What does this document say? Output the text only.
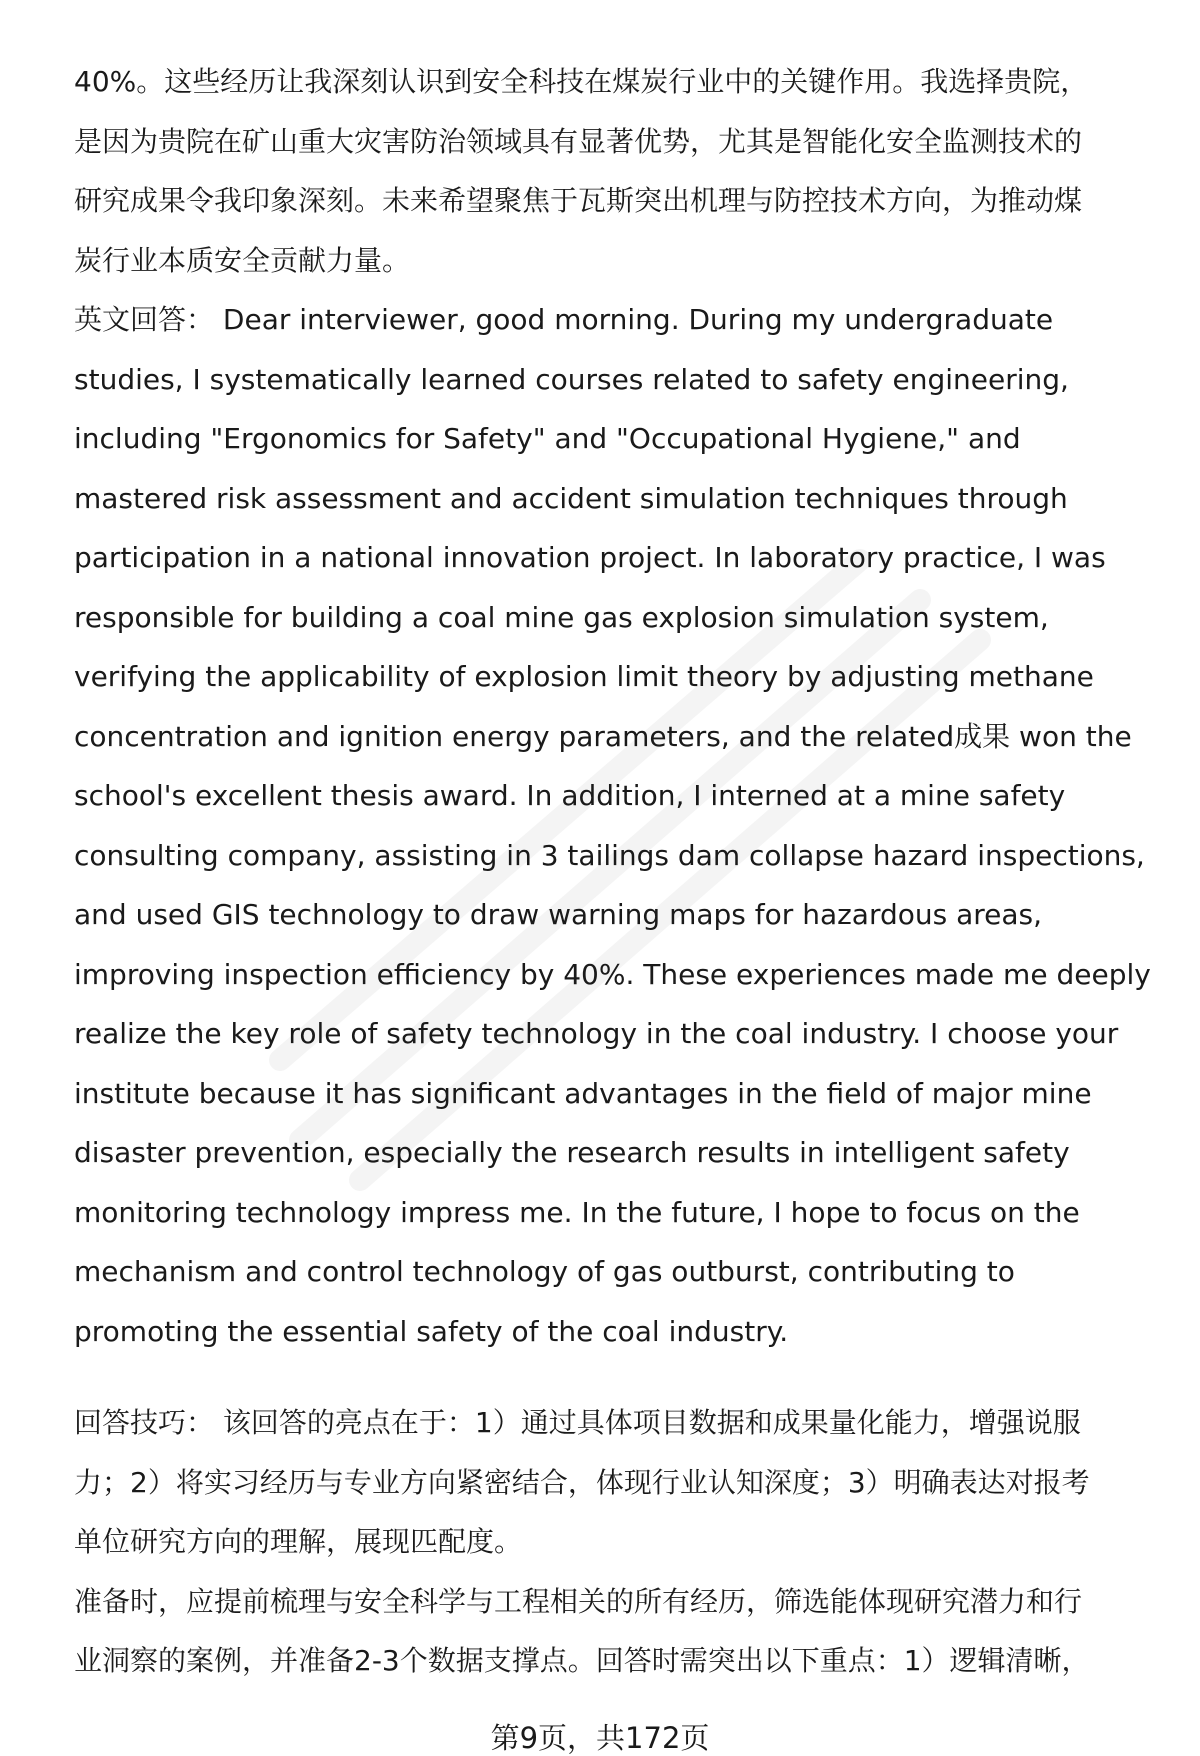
40%。这些经历让我深刻认识到安全科技在煤炭行业中的关键作用。我选择贵院，
是因为贵院在矿山重大灾害防治领域具有显著优势，尤其是智能化安全监测技术的
研究成果令我印象深刻。未来希望聚焦于瓦斯突出机理与防控技术方向，为推动煤
炭行业本质安全贡献力量。
英文回答： Dear interviewer, good morning. During my undergraduate
studies, I systematically learned courses related to safety engineering,
including "Ergonomics for Safety" and "Occupational Hygiene," and
mastered risk assessment and accident simulation techniques through
participation in a national innovation project. In laboratory practice, I was
responsible for building a coal mine gas explosion simulation system,
verifying the applicability of explosion limit theory by adjusting methane
concentration and ignition energy parameters, and the related成果 won the
school's excellent thesis award. In addition, I interned at a mine safety
consulting company, assisting in 3 tailings dam collapse hazard inspections,
and used GIS technology to draw warning maps for hazardous areas,
improving inspection efficiency by 40%. These experiences made me deeply
realize the key role of safety technology in the coal industry. I choose your
institute because it has significant advantages in the field of major mine
disaster prevention, especially the research results in intelligent safety
monitoring technology impress me. In the future, I hope to focus on the
mechanism and control technology of gas outburst, contributing to
promoting the essential safety of the coal industry.
回答技巧： 该回答的亮点在于：1）通过具体项目数据和成果量化能力，增强说服
力；2）将实习经历与专业方向紧密结合，体现行业认知深度；3）明确表达对报考
单位研究方向的理解，展现匹配度。
准备时，应提前梳理与安全科学与工程相关的所有经历，筛选能体现研究潜力和行
业洞察的案例，并准备2-3个数据支撑点。回答时需突出以下重点：1）逻辑清晰，
第9页，共172页
